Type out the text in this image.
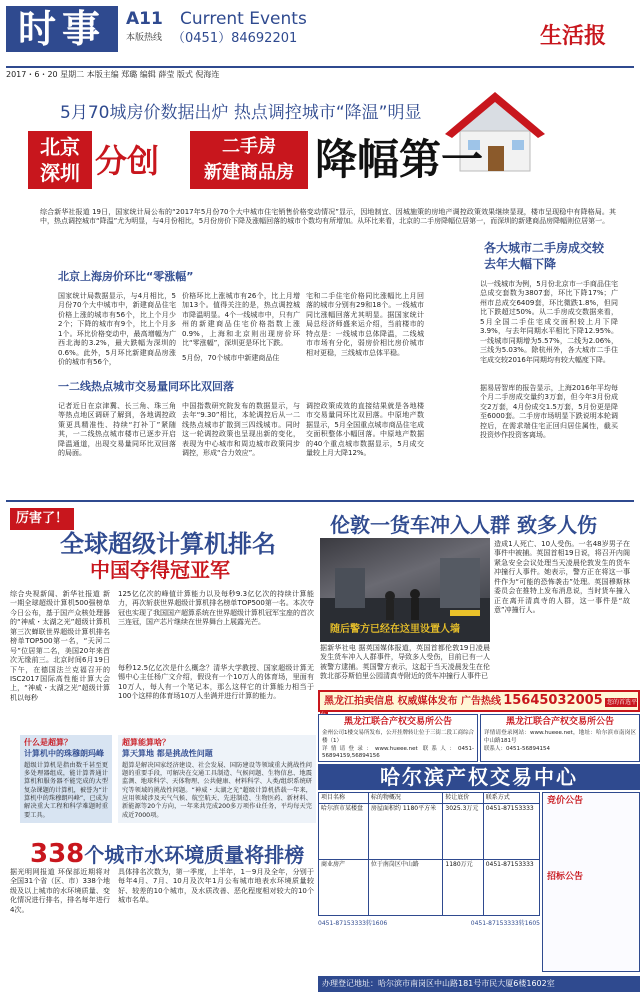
时事	A11 Current Events
本版热线 （0451）84692201	生活报
2017・6・20 星期二 本版主编 郑璐 编辑 薛莹 版式 倪海连
5月70城房价数据出炉 热点调控城市“降温”明显
北京
深圳 分创	二手房
新建商品房 降幅第一
综合新华社报道 19日，国家统计局公布的“2017年5月份70个大中城市住宅销售价格变动情况”显示，因地制宜、因城施策的房地产调控政策效果继续显现，楼市呈现稳中有降格局。其中，热点调控城市“降温”尤为明显，与4月份相比，5月份房价下降及涨幅回落的城市个数均有所增加。从环比来看，北京的二手房降幅位居第一，而深圳的新建商品房降幅则位居第一。
北京上海房价环比“零涨幅”
国家统计局数据显示，与4月相比，5月份70个大中城市中，新建商品住宅价格上涨的城市有56个，比上个月少2个；下降的城市有9个，比上个月多1个。环比价格变动中，最高增幅为广西北海的3.2%，最大跌幅为深圳的0.6%。此外，5月环比新建商品房涨价的城市有56个，
价格环比上涨城市有26个，比上月增加13个。值得关注的是，热点调控城市降温明显。4个一线城市中，只有广州的新建商品住宅价格指数上涨0.9%，上海和北京则出现房价环比“零涨幅”，深圳更是环比下跌。
5月份，70个城市中新建商品住
宅和二手住宅价格同比涨幅比上月回落的城市分别有29和18个。一线城市同比涨幅回落尤其明显。据国家统计局总经济师盛来运介绍，当前楼市的特点是：一线城市总体降温，二线城市市场有分化，弱房价相比房价城市相对更稳，三线城市总体平稳。
一二线热点城市交易量同环比双回落
记者近日在京津冀、长三角、珠三角等热点地区调研了解到，各地调控政策更具精准性、持续“打补丁”紧随其，一二线热点城市楼市已逐步开启降温通道，出现交易量同环比双回落的局面。
中国指数研究院发布的数据显示，与去年“9.30”相比，本轮调控后从一二线热点城市扩散到三四线城市。同时这一轮调控政策也呈现出新的变化，表现为中心城市和周边城市政策同步调控，形成“合力效应”。
调控政策成效的直接结果就是各地楼市交易量同环比双回落。中原地产数据显示，5月全国重点城市商品住宅成交面积整体小幅回落。中原地产数据的40个重点城市数据显示，5月成交量较上月大降12%。
各大城市二手房成交较去年大幅下降
以一线城市为例，5月份北京市一手商品住宅总成交套数为3807套，环比下降17%；广州市总成交6409套，环比微跌1.8%，但同比下跌超过50%。从二手房成交数据来看，5月全国二手住宅成交面积较上月下降3.9%，与去年同期水平相比下降12.95%。一线城市同期增为5.57%，二线为2.06%，三线为5.03%。除杭州外，各大城市二手住宅成交较2016年同期均有较大幅度下降。
据易居智库的报告显示，上海2016年平均每个月二手房成交量约3万套，但今年3月份成交2万套，4月份成交1.5万套，5月份更是降至6000套。二手房市场明显下跌说明本轮调控后，在需求端住宅正回归居住属性，截买投资炒作投资客离场。
厉害了！
全球超级计算机排名
中国夺得冠亚军
综合央视新闻、新华社报道 新一期全球超级计算机500强榜单今日公布，基于国产众核处理器的“神威・太湖之光”超级计算机第三次蝉联世界超级计算机排名榜单TOP500第一名，“天河二号”位居第二名，美国20年来首次无缘前三。北京时间6月19日下午，在德国法兰克福召开的ISC2017国际高性能计算大会上，“神威・太湖之光”超级计算机以每秒
125亿亿次的峰值计算能力以及每秒9.3亿亿次的持续计算能力，再次斩获世界超级计算机排名榜单TOP500第一名。本次夺冠也实现了我国国产超算系统在世界超级计算机冠军宝座的首次三连冠，国产芯片继续在世界舞台上展露光芒。
每秒12.5亿亿次是什么概念？清华大学教授、国家超级计算无锡中心主任杨广文介绍，假设有一个10万人的体育场，里面有10万人，每人有一个笔记本，那么这样它的计算能力相当于100个这样的体育场10万人坐满并进行计算的能力。
什么是超算？
计算机中的珠穆朗玛峰
超级计算机是指由数千甚至更多处理器组成，能计算普通计算机和服务器不能完成的大型复杂课题的计算机，被誉为“计算机中的珠穆朗玛峰”，已成为解决重大工程和科学难题时重要工具。
超算能算啥？
算天算地 都是挑战性问题
超算是解决国家经济建设、社会发展、国防建设等领域重大挑战性问题的重要手段，可解决在交通工具制造、气候问题、生物信息、地震监测、地球科学、天体物理、公共健康、材料科学、人类/组织系统研究等领域的挑战性问题。“神威・太湖之光”超级计算机搭载一年来，应用领域涉及天气气候、航空航天、先进制造、生物医药、新材料、新能源等20个方向，一年来共完成200多万项作业任务，平均每天完成近7000项。
338个城市水环境质量将排榜
据光明网报道 环保部近期将对全国31个省（区、市）338个地级及以上城市的水环境质量、变化情况进行排名，排名每年进行4次。
具体排名次数为，第一季度，上半年，1－9月及全年，分别于每年4月、7月、10月及次年1月公布城市地表水环境质量较好、较差的10个城市，及水质改善、恶化程度相对较大的10个城市名单。
伦敦一货车冲入人群 致多人伤
随后警方已经在这里设置人墙
造成1人死亡、10人受伤。一名48岁男子在事件中被捕。英国首相19日说，将召开内阁紧急安全会议处理当天凌晨伦敦发生的货车冲撞行人事件。她表示，警方正在将这一事件作为“可能的恐怖袭击”处理。英国穆斯林委员会在推特上发布消息说，当时货车撞入正在离开清真寺的人群，这一事件是“故意”冲撞行人。
据新华社电 据英国媒体报道，英国首都伦敦19日凌晨发生货车冲入人群事件，导致多人受伤，目前已有一人被警方逮捕。英国警方表示，这起于当天凌晨发生在伦敦北部芬斯伯里公园清真寺附近的货车冲撞行人事件已
黑龙江拍卖信息 权威媒体发布 广告热线 15645032005 您的首选平
黑龙江联合产权交易所公告
金州公司1楼交易所发布，公开挂牌转让位于三街二段工商综合楼（1）
详情请登录：www.hueee.net 联系人：0451-56894159,56894156
黑龙江联合产权交易所公告
详情请登录网站：www.hueee.net，地址：哈尔滨市南岗区中山路181号
联系人：0451-56894154
哈尔滨产权交易中心
项目名称	标的物概况	转让底价	联系方式
哈尔滨市某楼盘	房屋面积约 1180平方米	3025.3万元	0451-87153333
商业房产	位于南岗区中山路	1180万元	0451-87153333
0451-87153333转1606	0451-87153333转1605
竞价公告
招标公告
办理登记地址：哈尔滨市南岗区中山路181号市民大厦6楼1602室
